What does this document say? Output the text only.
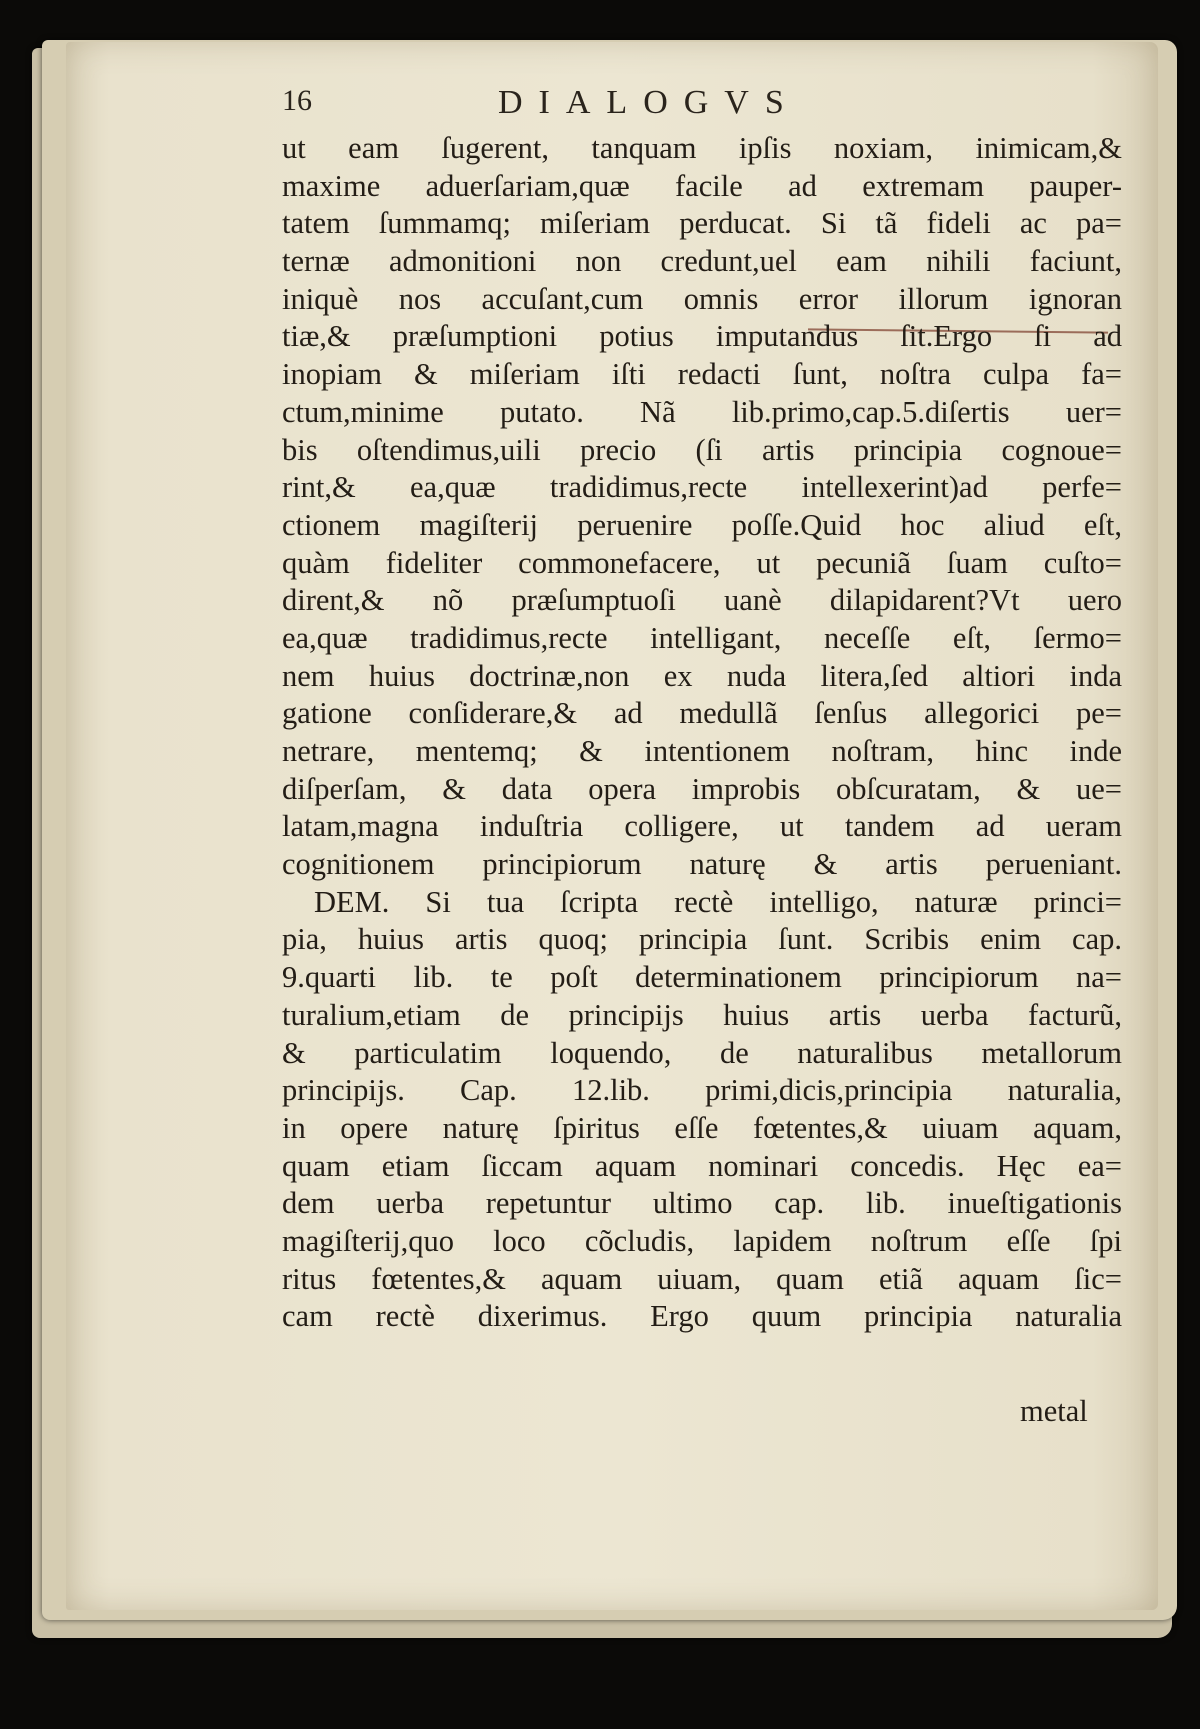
16	DIALOGVS
ut eam ſugerent, tanquam ipſis noxiam, inimicam,&
maxime aduerſariam,quæ facile ad extremam pauper-
tatem ſummamq; miſeriam perducat. Si tã fideli ac pa=
ternæ admonitioni non credunt,uel eam nihili faciunt,
iniquè nos accuſant,cum omnis error illorum ignoran
tiæ,& præſumptioni potius imputandus ſit.Ergo ſi ad
inopiam & miſeriam iſti redacti ſunt, noſtra culpa fa=
ctum,minime putato. Nã lib.primo,cap.5.diſertis uer=
bis oſtendimus,uili precio (ſi artis principia cognoue=
rint,& ea,quæ tradidimus,recte intellexerint)ad perfe=
ctionem magiſterij peruenire poſſe.Quid hoc aliud eſt,
quàm fideliter commonefacere, ut pecuniã ſuam cuſto=
dirent,& nõ præſumptuoſi uanè dilapidarent?Vt uero
ea,quæ tradidimus,recte intelligant, neceſſe eſt, ſermo=
nem huius doctrinæ,non ex nuda litera,ſed altiori inda
gatione conſiderare,& ad medullã ſenſus allegorici pe=
netrare, mentemq; & intentionem noſtram, hinc inde
diſperſam, & data opera improbis obſcuratam, & ue=
latam,magna induſtria colligere, ut tandem ad ueram
cognitionem principiorum naturę & artis perueniant.
DEM. Si tua ſcripta rectè intelligo, naturæ princi=
pia, huius artis quoq; principia ſunt. Scribis enim cap.
9.quarti lib. te poſt determinationem principiorum na=
turalium,etiam de principijs huius artis uerba facturũ,
& particulatim loquendo, de naturalibus metallorum
principijs. Cap. 12.lib. primi,dicis,principia naturalia,
in opere naturę ſpiritus eſſe fœtentes,& uiuam aquam,
quam etiam ſiccam aquam nominari concedis. Hęc ea=
dem uerba repetuntur ultimo cap. lib. inueſtigationis
magiſterij,quo loco cõcludis, lapidem noſtrum eſſe ſpi
ritus fœtentes,& aquam uiuam, quam etiã aquam ſic=
cam rectè dixerimus. Ergo quum principia naturalia
metal
